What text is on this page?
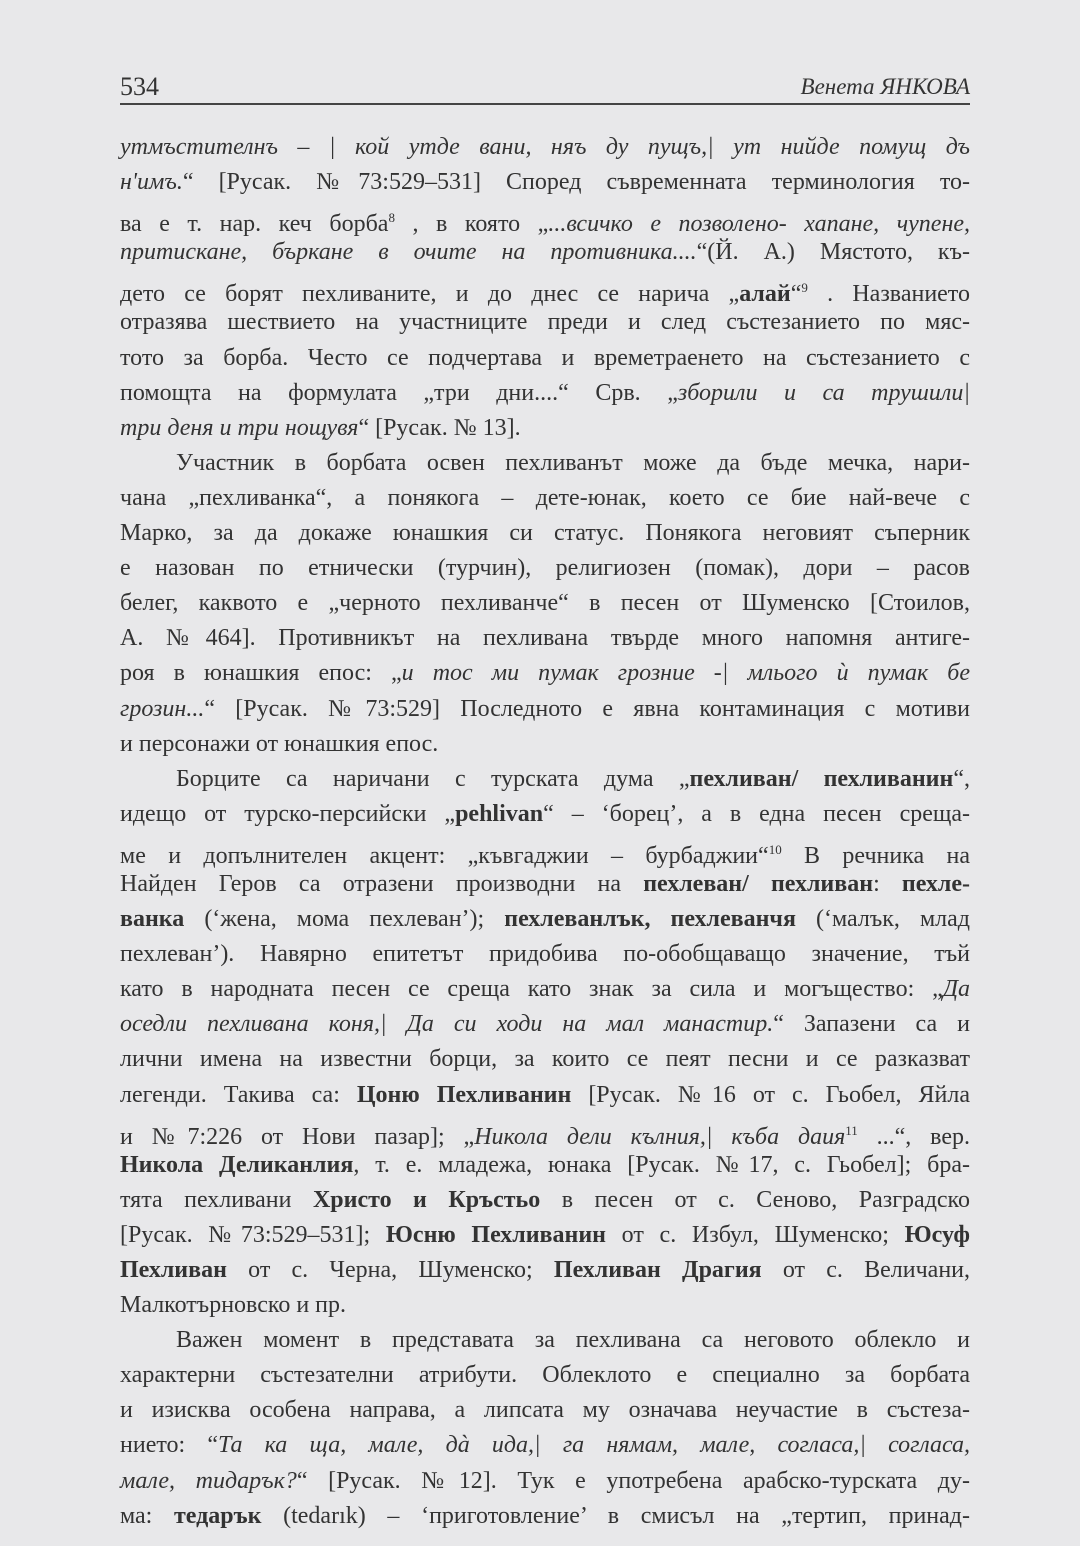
534	Венета ЯНКОВА
утмъстителнъ – | кой утде вани, няъ ду пущъ,| ут нийде помущ дъ
н'имъ.“ [Русак. №73:529–531] Според съвременната терминология то-
ва е т. нар. кеч борба$^8$ , в която „...всичко е позволено- хапане, чупене,
притискане, бъркане в очите на противника....“(Й. А.) Мястото, къ-
дето се борят пехливаните, и до днес се нарича „алай“$^9$ . Названието
отразява шествието на участниците преди и след състезанието по мяс-
тото за борба. Често се подчертава и времетраенето на състезанието с
помощта на формулата „три дни....“ Срв. „зборили и са трушили|
три деня и три нощувя“ [Русак. № 13].
Участник в борбата освен пехливанът може да бъде мечка, нари-
чана „пехливанка“, а понякога – дете-юнак, което се бие най-вече с
Марко, за да докаже юнашкия си статус. Понякога неговият съперник
е назован по етнически (турчин), религиозен (помак), дори – расов
белег, каквото е „черното пехливанче“ в песен от Шуменско [Стоилов,
А. №464]. Противникът на пехливана твърде много напомня антиге-
роя в юнашкия епос: „и тос ми пумак грозние -| млього ѝ пумак бе
грозин...“ [Русак. №73:529] Последното е явна контаминация с мотиви
и персонажи от юнашкия епос.
Борците са наричани с турската дума „пехливан/ пехливанин“,
идещо от турско-персийски „pehlivan“ – ‘борец’, а в една песен среща-
ме и допълнителен акцент: „къвгаджии – бурбаджии“$^{10}$ В речника на
Найден Геров са отразени производни на пехлеван/ пехливан: пехле-
ванка (‘жена, мома пехлеван’); пехлеванлък, пехлеванчя (‘малък, млад
пехлеван’). Навярно епитетът придобива по-обобщаващо значение, тъй
като в народната песен се среща като знак за сила и могъщество: „Да
оседли пехливана коня,| Да си ходи на мал манастир.“ Запазени са и
лични имена на известни борци, за които се пеят песни и се разказват
легенди. Такива са: Цоню Пехливанин [Русак. №16 от с. Гьобел, Яйла
и №7:226 от Нови пазар]; „Никола дели кълния,| къба даия$^{11}$ ...“, вер.
Никола Деликанлия, т. е. младежа, юнака [Русак. №17, с. Гьобел]; бра-
тята пехливани Христо и Кръстьо в песен от с. Сеново, Разградско
[Русак. №73:529–531]; Юсню Пехливанин от с. Избул, Шуменско; Юсуф
Пехливан от с. Черна, Шуменско; Пехливан Драгия от с. Величани,
Малкотърновско и пр.
Важен момент в представата за пехливана са неговото облекло и
характерни състезателни атрибути. Облеклото е специално за борбата
и изисква особена направа, а липсата му означава неучастие в състеза-
нието: “Та ка ща, мале, дà ида,| га нямам, мале, согласа,| согласа,
мале, тидарък?“ [Русак. №12]. Тук е употребена арабско-турската ду-
ма: тедарък (tedarık) – ‘приготовление’ в смисъл на „тертип, принад-
